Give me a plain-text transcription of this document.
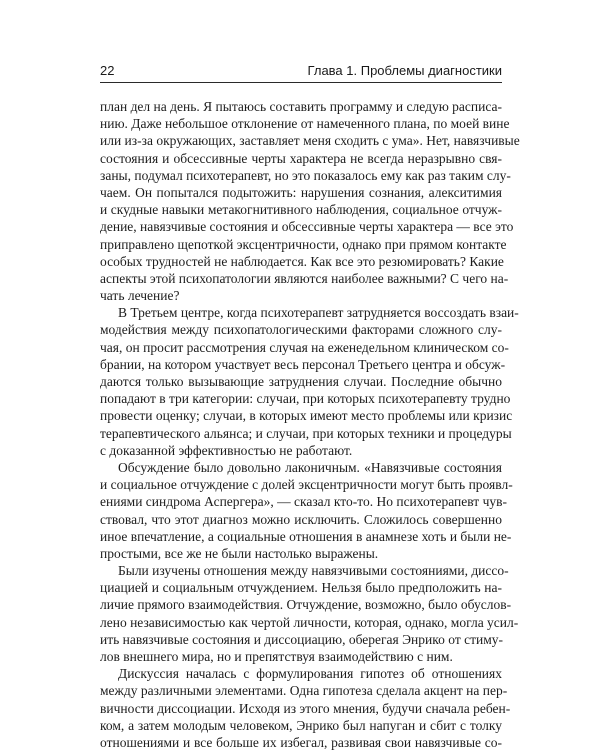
22	Глава 1. Проблемы диагностики
план дел на день. Я пытаюсь составить программу и следую расписа-
нию. Даже небольшое отклонение от намеченного плана, по моей вине
или из-за окружающих, заставляет меня сходить с ума». Нет, навязчивые
состояния и обсессивные черты характера не всегда неразрывно свя-
заны, подумал психотерапевт, но это показалось ему как раз таким слу-
чаем. Он попытался подытожить: нарушения сознания, алекситимия
и скудные навыки метакогнитивного наблюдения, социальное отчуж-
дение, навязчивые состояния и обсессивные черты характера — все это
приправлено щепоткой эксцентричности, однако при прямом контакте
особых трудностей не наблюдается. Как все это резюмировать? Какие
аспекты этой психопатологии являются наиболее важными? С чего на-
чать лечение?
В Третьем центре, когда психотерапевт затрудняется воссоздать взаи-
модействия между психопатологическими факторами сложного слу-
чая, он просит рассмотрения случая на еженедельном клиническом со-
брании, на котором участвует весь персонал Третьего центра и обсуж-
даются только вызывающие затруднения случаи. Последние обычно
попадают в три категории: случаи, при которых психотерапевту трудно
провести оценку; случаи, в которых имеют место проблемы или кризис
терапевтического альянса; и случаи, при которых техники и процедуры
с доказанной эффективностью не работают.
Обсуждение было довольно лаконичным. «Навязчивые состояния
и социальное отчуждение с долей эксцентричности могут быть проявл-
ениями синдрома Аспергера», — сказал кто-то. Но психотерапевт чув-
ствовал, что этот диагноз можно исключить. Сложилось совершенно
иное впечатление, а социальные отношения в анамнезе хоть и были не-
простыми, все же не были настолько выражены.
Были изучены отношения между навязчивыми состояниями, диссо-
циацией и социальным отчуждением. Нельзя было предположить на-
личие прямого взаимодействия. Отчуждение, возможно, было обуслов-
лено независимостью как чертой личности, которая, однако, могла усил-
ить навязчивые состояния и диссоциацию, оберегая Энрико от стиму-
лов внешнего мира, но и препятствуя взаимодействию с ним.
Дискуссия началась с формулирования гипотез об отношениях
между различными элементами. Одна гипотеза сделала акцент на пер-
вичности диссоциации. Исходя из этого мнения, будучи сначала ребен-
ком, а затем молодым человеком, Энрико был напуган и сбит с толку
отношениями и все больше их избегал, развивая свои навязчивые со-
